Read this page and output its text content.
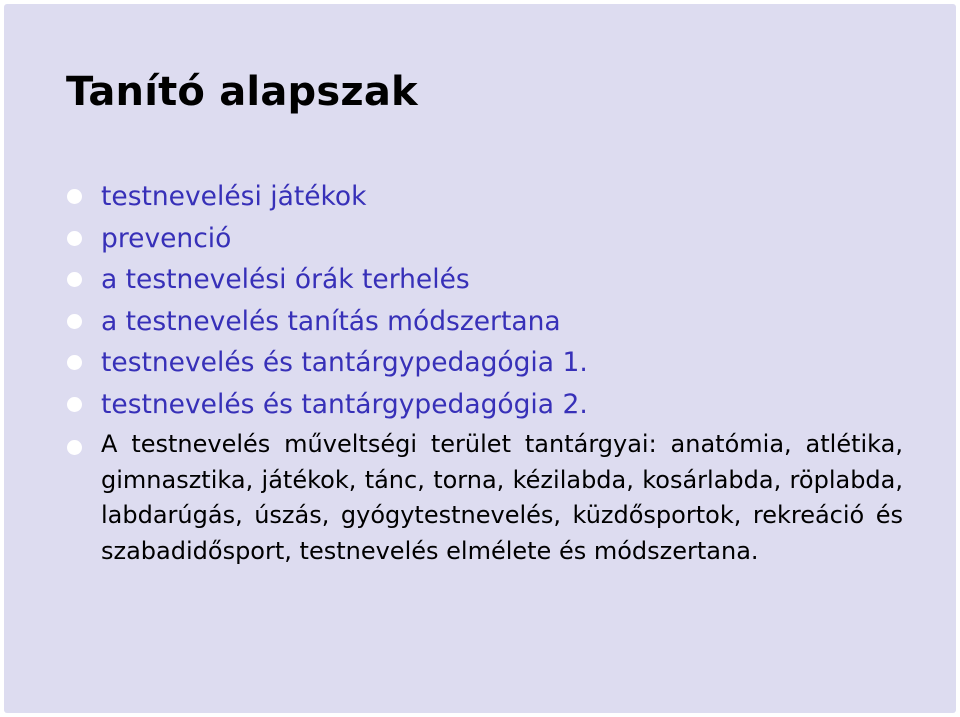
Tanító alapszak
testnevelési játékok
prevenció
a testnevelési órák terhelés
a testnevelés tanítás módszertana
testnevelés és tantárgypedagógia 1.
testnevelés és tantárgypedagógia 2.

A testnevelés műveltségi terület tantárgyai: anatómia, atlétika, gimnasztika, játékok, tánc, torna, kézilabda, kosárlabda, röplabda, labdarúgás, úszás, gyógytestnevelés, küzdősportok, rekreáció és szabadidősport, testnevelés elmélete és módszertana.
